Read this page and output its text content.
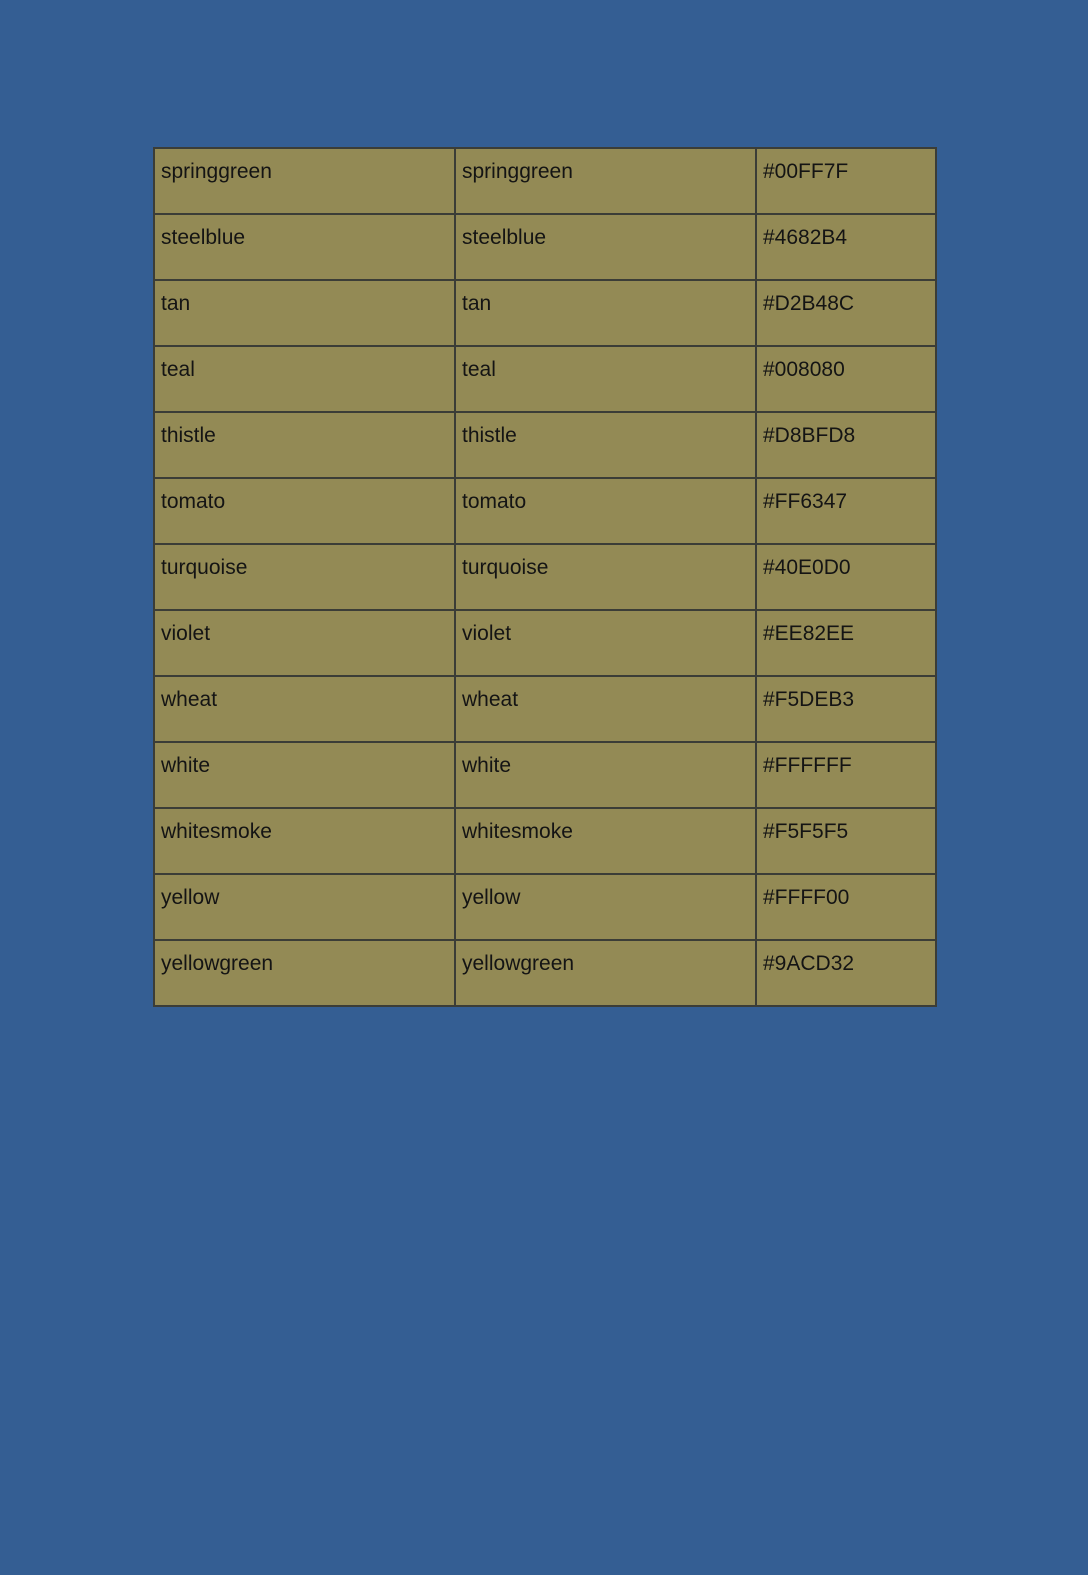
springgreen	springgreen	#00FF7F
steelblue	steelblue	#4682B4
tan	tan	#D2B48C
teal	teal	#008080
thistle	thistle	#D8BFD8
tomato	tomato	#FF6347
turquoise	turquoise	#40E0D0
violet	violet	#EE82EE
wheat	wheat	#F5DEB3
white	white	#FFFFFF
whitesmoke	whitesmoke	#F5F5F5
yellow	yellow	#FFFF00
yellowgreen	yellowgreen	#9ACD32
